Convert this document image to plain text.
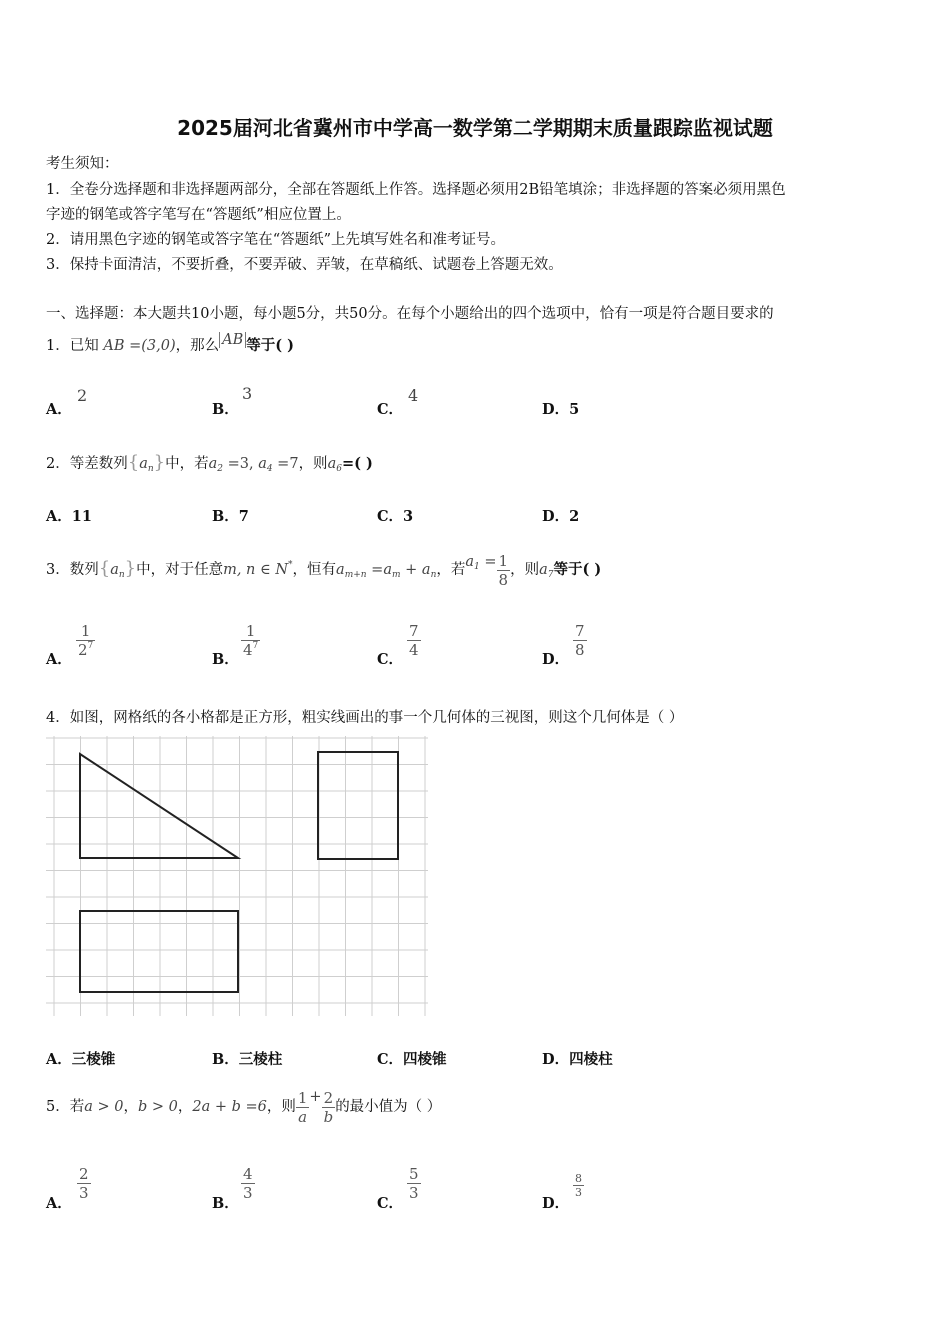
2025届河北省冀州市中学高一数学第二学期期末质量跟踪监视试题
考生须知：
1．全卷分选择题和非选择题两部分，全部在答题纸上作答。选择题必须用2B铅笔填涂；非选择题的答案必须用黑色
字迹的钢笔或答字笔写在“答题纸”相应位置上。
2．请用黑色字迹的钢笔或答字笔在“答题纸”上先填写姓名和准考证号。
3．保持卡面清洁，不要折叠，不要弄破、弄皱，在草稿纸、试题卷上答题无效。
一、选择题：本大题共10小题，每小题5分，共50分。在每个小题给出的四个选项中，恰有一项是符合题目要求的
1．已知 AB =(3,0)，那么 AB 等于( )
A．
2
B．
3
C．
4
D．5
2．等差数列$\{a_n\}$中，若$a_2 =3$, $a_4 =7$，则$a_6=$( )
A．11	B．7	C．3	D．2
3．数列$\{a_n\}$中，对于任意m, n ∈ N*，恒有$a_{m+n} =a_m + a_n$，若$a^1 = \frac{1}{8}$ ，则$a_7$等于( )
A．
$\frac{1}{2^7}$
B．
$\frac{1}{4^7}$
C．
$\frac{7}{4}$
D．
$\frac{7}{8}$
4．如图，网格纸的各小格都是正方形，粗实线画出的事一个几何体的三视图，则这个几何体是（ ）
A．三棱锥	B．三棱柱	C．四棱锥	D．四棱柱
5．若a > 0，b > 0，2a + b =6，则 $\frac{1}{a} + \frac{2}{b}$ 的最小值为（ ）
A．
$\frac{2}{3}$
B．
$\frac{4}{3}$
C．
$\frac{5}{3}$
D．
$\frac{8}{3}$
